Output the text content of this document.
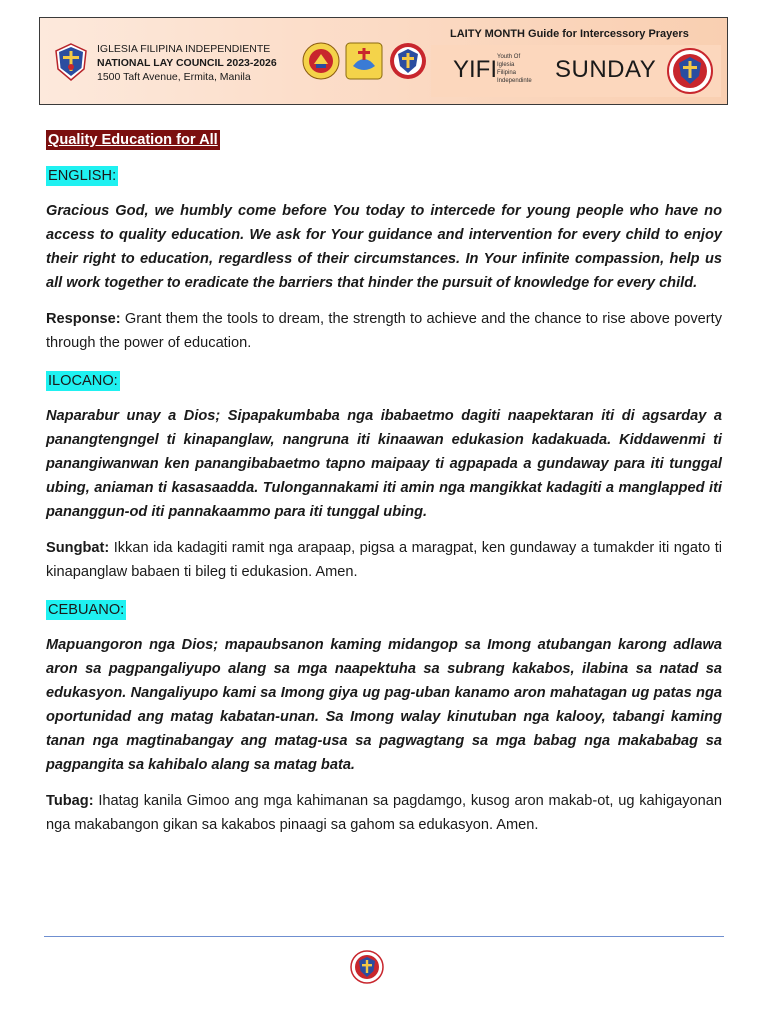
IGLESIA FILIPINA INDEPENDIENTE
NATIONAL LAY COUNCIL 2023-2026
1500 Taft Avenue, Ermita, Manila
LAITY MONTH Guide for Intercessory Prayers
YIFI Youth Of
Iglesia
Filipina
Independinte SUNDAY
Quality Education for All
ENGLISH:

Gracious God, we humbly come before You today to intercede for young people who have no access to quality education. We ask for Your guidance and intervention for every child to enjoy their right to education, regardless of their circumstances. In Your infinite compassion, help us all work together to eradicate the barriers that hinder the pursuit of knowledge for every child.

Response: Grant them the tools to dream, the strength to achieve and the chance to rise above poverty through the power of education.

ILOCANO:

Naparabur unay a Dios; Sipapakumbaba nga ibabaetmo dagiti naapektaran iti di agsarday a panangtengngel ti kinapanglaw, nangruna iti kinaawan edukasion kadakuada. Kiddawenmi ti panangiwanwan ken panangibabaetmo tapno maipaay ti agpapada a gundaway para iti tunggal ubing, aniaman ti kasasaadda. Tulongannakami iti amin nga mangikkat kadagiti a manglapped iti pananggun-od iti pannakaammo para iti tunggal ubing.

Sungbat: Ikkan ida kadagiti ramit nga arapaap, pigsa a maragpat, ken gundaway a tumakder iti ngato ti kinapanglaw babaen ti bileg ti edukasion. Amen.

CEBUANO:

Mapuangoron nga Dios; mapaubsanon kaming midangop sa Imong atubangan karong adlawa aron sa pagpangaliyupo alang sa mga naapektuha sa subrang kakabos, ilabina sa natad sa edukasyon. Nangaliyupo kami sa Imong giya ug pag-uban kanamo aron mahatagan ug patas nga oportunidad ang matag kabatan-unan. Sa Imong walay kinutuban nga kalooy, tabangi kaming tanan nga magtinabangay ang matag-usa sa pagwagtang sa mga babag nga makababag sa pagpangita sa kahibalo alang sa matag bata.

Tubag: Ihatag kanila Gimoo ang mga kahimanan sa pagdamgo, kusog aron makab-ot, ug kahigayonan nga makabangon gikan sa kakabos pinaagi sa gahom sa edukasyon. Amen.
